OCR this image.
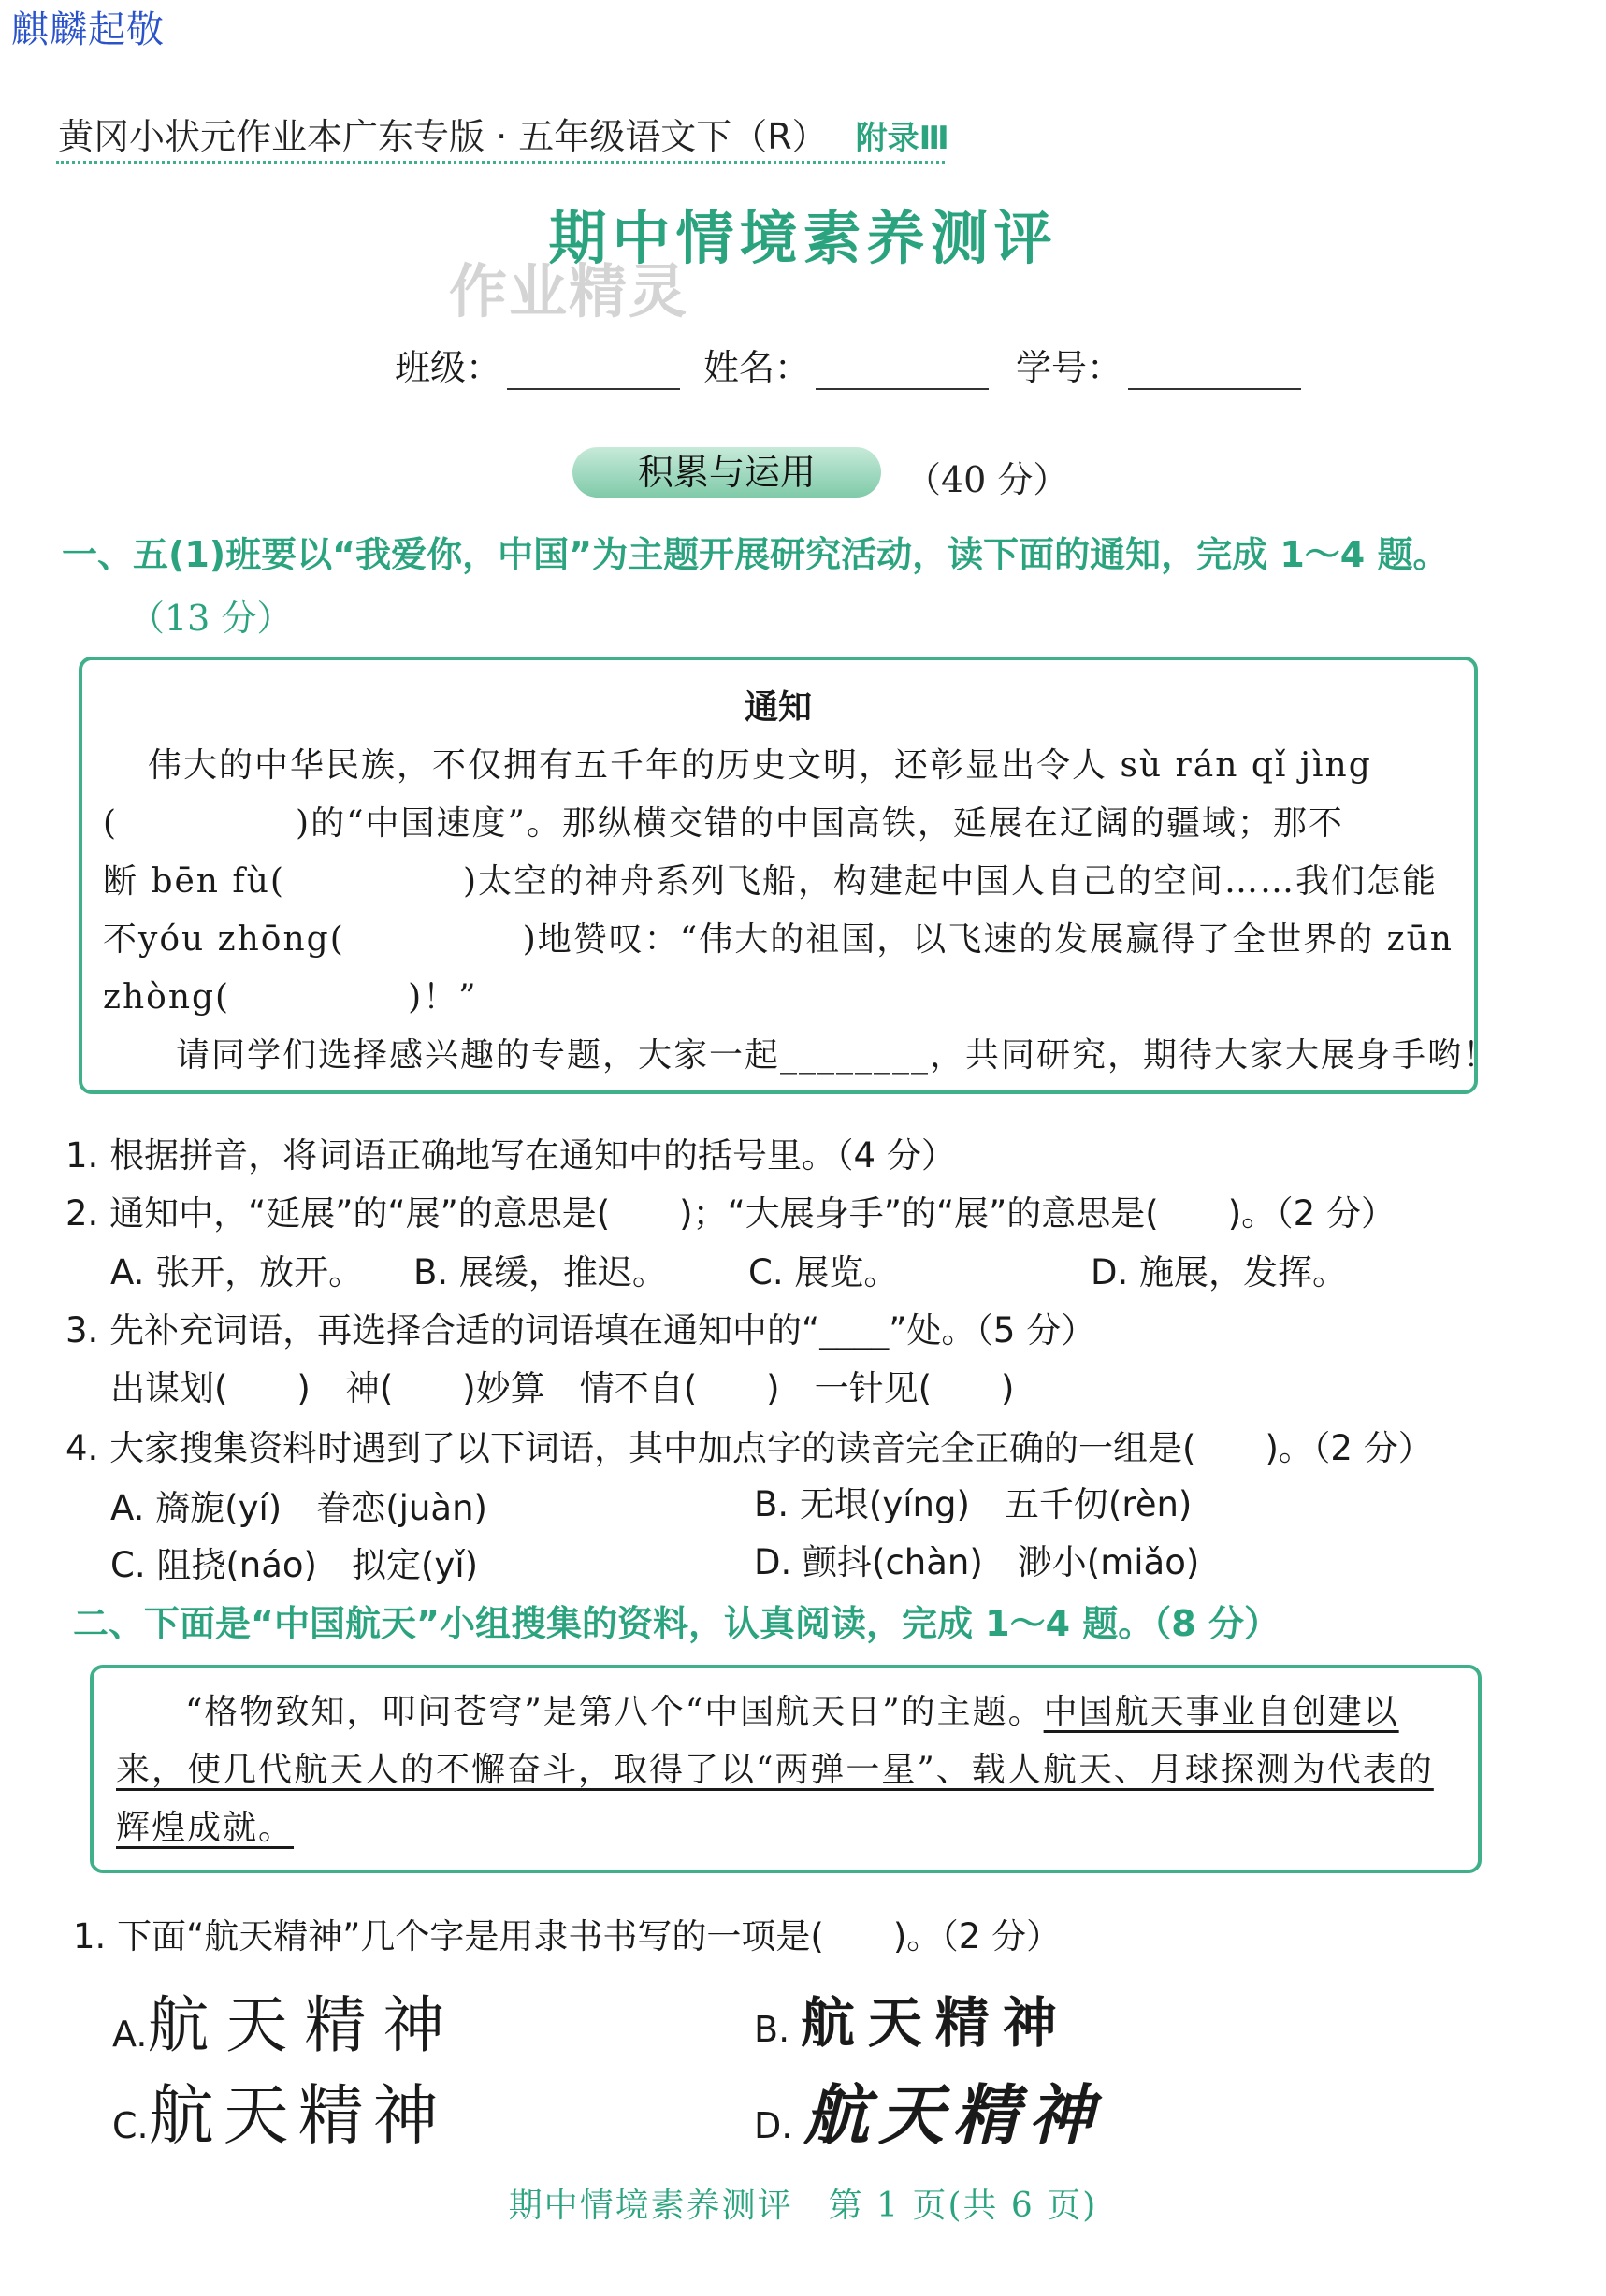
麒麟起敬
黄冈小状元作业本广东专版 · 五年级语文下（R） 附录Ⅲ
期中情境素养测评
作业精灵
班级：	姓名：	学号：
积累与运用	（40 分）
一、五(1)班要以“我爱你，中国”为主题开展研究活动，读下面的通知，完成 1～4 题。
（13 分）
通知
伟大的中华民族，不仅拥有五千年的历史文明，还彰显出令人 sù rán qǐ jìng
(　　　　　)的“中国速度”。那纵横交错的中国高铁，延展在辽阔的疆域；那不
断 bēn fù(　　　　　)太空的神舟系列飞船，构建起中国人自己的空间……我们怎能
不yóu zhōng(　　　　　)地赞叹：“伟大的祖国，以飞速的发展赢得了全世界的 zūn
zhòng(　　　　　)！”
请同学们选择感兴趣的专题，大家一起________，共同研究，期待大家大展身手哟！
1. 根据拼音，将词语正确地写在通知中的括号里。（4 分）
2. 通知中，“延展”的“展”的意思是(　　)；“大展身手”的“展”的意思是(　　)。（2 分）
A. 张开，放开。 B. 展缓，推迟。 C. 展览。	D. 施展，发挥。
3. 先补充词语，再选择合适的词语填在通知中的“____”处。（5 分）
出谋划(　　)　神(　　)妙算　情不自(　　)　一针见(　　)
4. 大家搜集资料时遇到了以下词语，其中加点字的读音完全正确的一组是(　　)。（2 分）
A. 旖旎(yí)　眷恋(juàn)	B. 无垠(yíng)　五千仞(rèn)
C. 阻挠(náo)　拟定(yǐ)	D. 颤抖(chàn)　渺小(miǎo)
二、下面是“中国航天”小组搜集的资料，认真阅读，完成 1～4 题。（8 分）
“格物致知，叩问苍穹”是第八个“中国航天日”的主题。中国航天事业自创建以来，使几代航天人的不懈奋斗，取得了以“两弹一星”、载人航天、月球探测为代表的辉煌成就。
1. 下面“航天精神”几个字是用隶书书写的一项是(　　)。（2 分）
A.航天精神	B. 航天精神
C.航天精神	D. 航天精神
期中情境素养测评　第 1 页(共 6 页)
